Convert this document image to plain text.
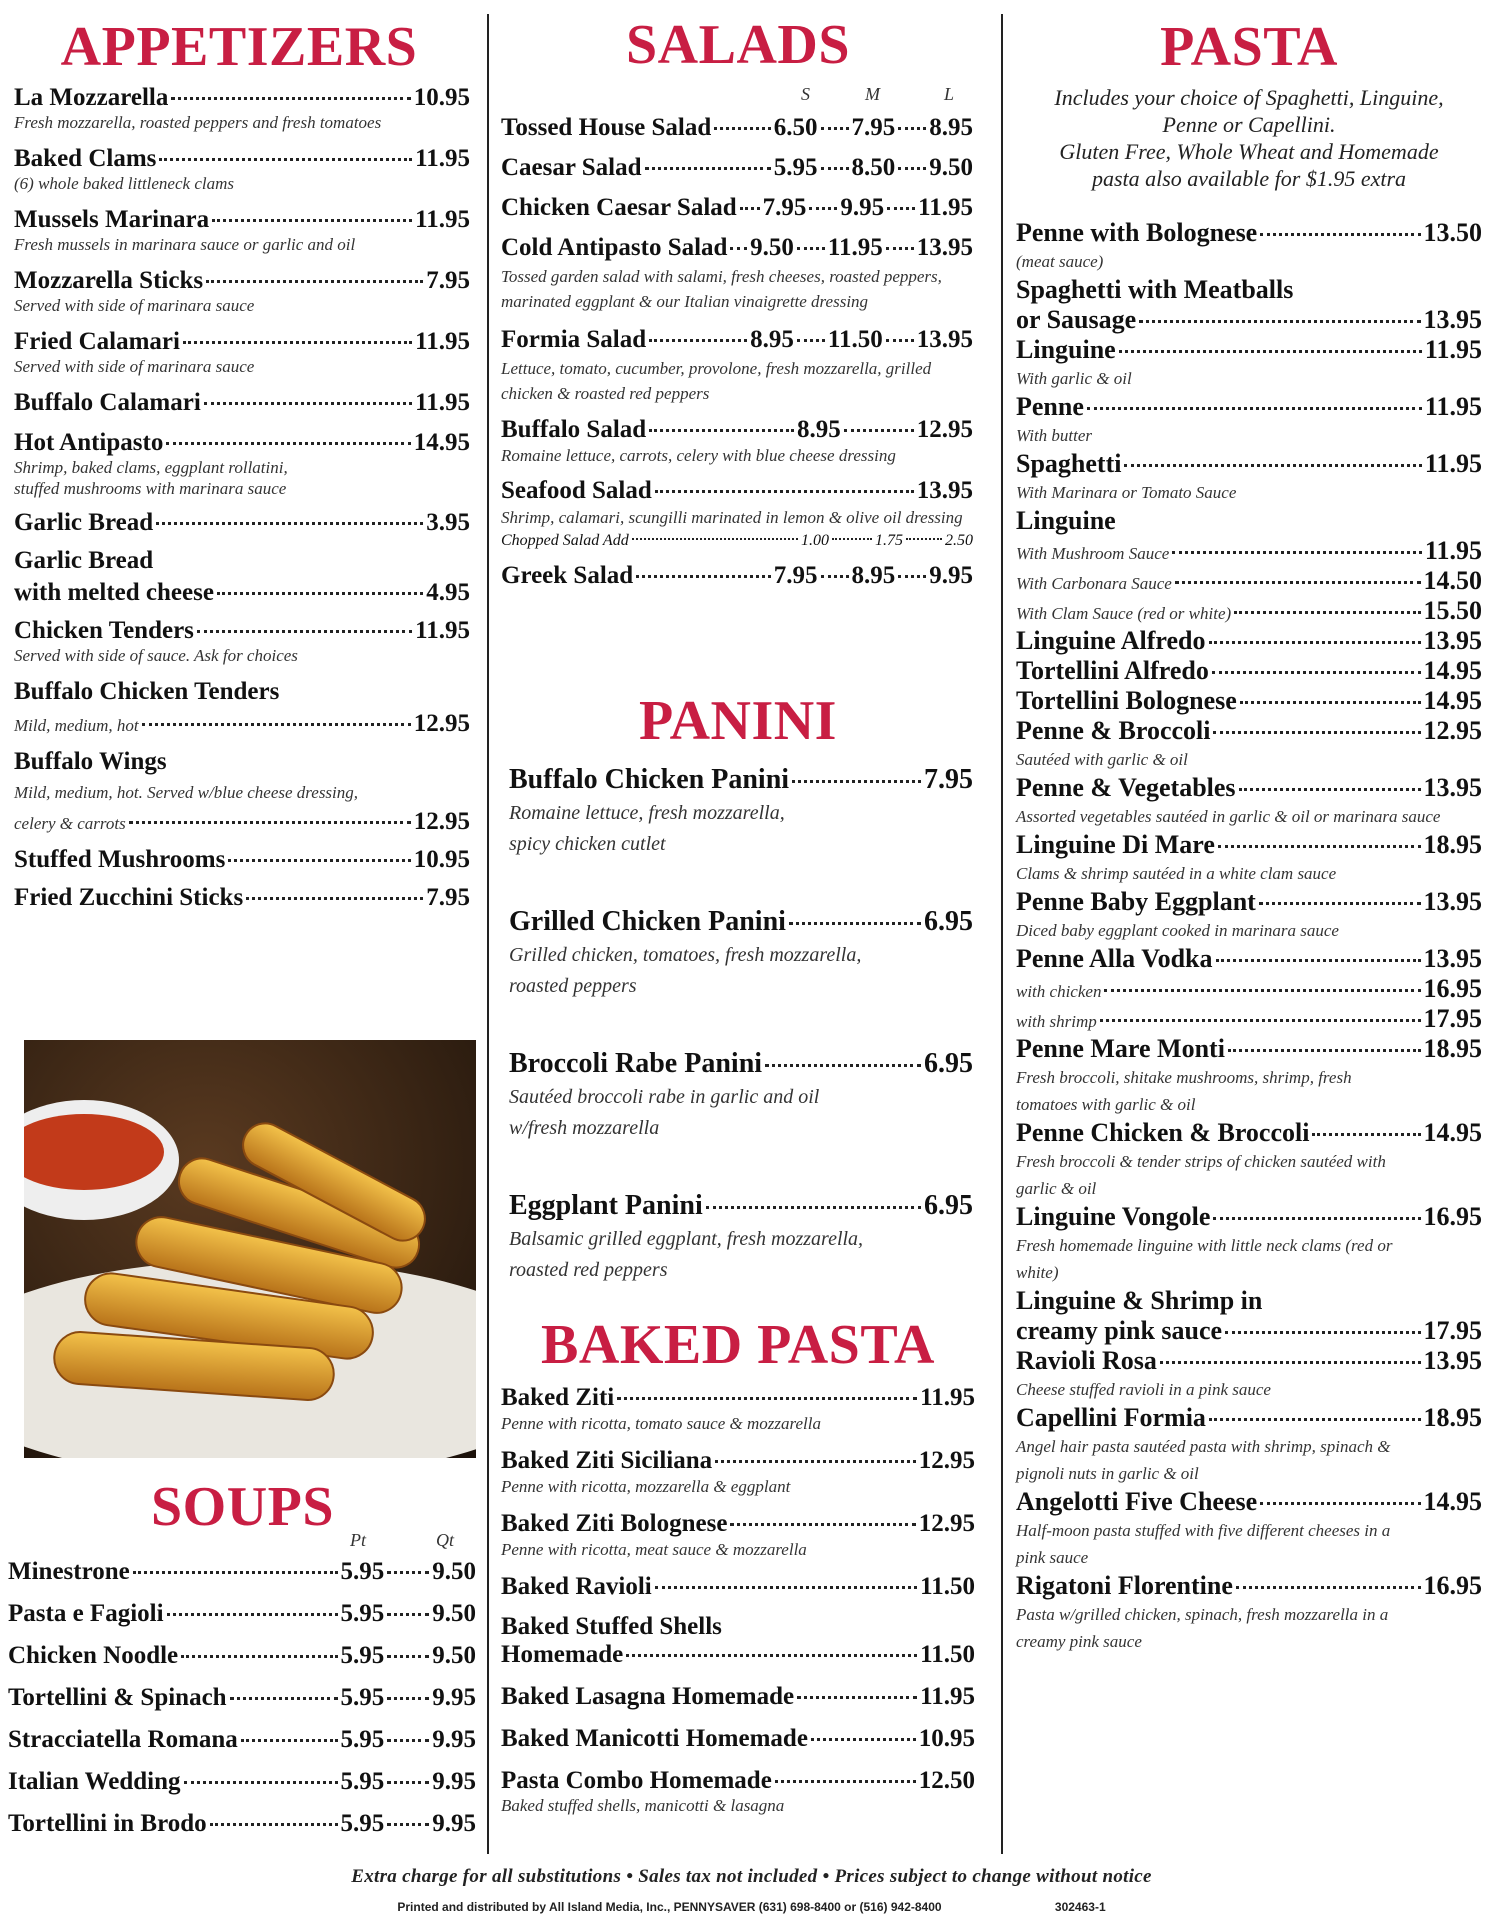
APPETIZERS
La Mozzarella	10.95
Fresh mozzarella, roasted peppers and fresh tomatoes
Baked Clams	11.95
(6) whole baked littleneck clams
Mussels Marinara	11.95
Fresh mussels in marinara sauce or garlic and oil
Mozzarella Sticks	7.95
Served with side of marinara sauce
Fried Calamari	11.95
Served with side of marinara sauce
Buffalo Calamari	11.95
Hot Antipasto	14.95
Shrimp, baked clams, eggplant rollatini,
stuffed mushrooms with marinara sauce
Garlic Bread	3.95
Garlic Bread
with melted cheese	4.95
Chicken Tenders	11.95
Served with side of sauce. Ask for choices
Buffalo Chicken Tenders
Mild, medium, hot	12.95
Buffalo Wings
Mild, medium, hot. Served w/blue cheese dressing,
celery & carrots	12.95
Stuffed Mushrooms	10.95
Fried Zucchini Sticks	7.95
SOUPS
Pt	Qt
Minestrone	5.95 9.50
Pasta e Fagioli	5.95 9.50
Chicken Noodle	5.95 9.50
Tortellini & Spinach	5.95 9.95
Stracciatella Romana	5.95 9.95
Italian Wedding	5.95 9.95
Tortellini in Brodo	5.95 9.95
SALADS
S	M	L
Tossed House Salad 6.50 7.95 8.95
Caesar Salad	5.95 8.50 9.50
Chicken Caesar Salad 7.95 9.95 11.95
Cold Antipasto Salad 9.50 11.95 13.95
Tossed garden salad with salami, fresh cheeses, roasted peppers, marinated eggplant & our Italian vinaigrette dressing
Formia Salad	8.95 11.50 13.95
Lettuce, tomato, cucumber, provolone, fresh mozzarella, grilled chicken & roasted red peppers
Buffalo Salad	8.95	12.95
Romaine lettuce, carrots, celery with blue cheese dressing
Seafood Salad	13.95
Shrimp, calamari, scungilli marinated in lemon & olive oil dressing
Chopped Salad Add	1.00	1.75	2.50
Greek Salad	7.95 8.95 9.95
PANINI
Buffalo Chicken Panini	7.95
Romaine lettuce, fresh mozzarella,
spicy chicken cutlet
Grilled Chicken Panini	6.95
Grilled chicken, tomatoes, fresh mozzarella,
roasted peppers
Broccoli Rabe Panini	6.95
Sautéed broccoli rabe in garlic and oil
w/fresh mozzarella
Eggplant Panini	6.95
Balsamic grilled eggplant, fresh mozzarella,
roasted red peppers
BAKED PASTA
Baked Ziti	11.95
Penne with ricotta, tomato sauce & mozzarella
Baked Ziti Siciliana	12.95
Penne with ricotta, mozzarella & eggplant
Baked Ziti Bolognese	12.95
Penne with ricotta, meat sauce & mozzarella
Baked Ravioli	11.50
Baked Stuffed Shells
Homemade	11.50
Baked Lasagna Homemade	11.95
Baked Manicotti Homemade	10.95
Pasta Combo Homemade	12.50
Baked stuffed shells, manicotti & lasagna
PASTA
Includes your choice of Spaghetti, Linguine,
Penne or Capellini.
Gluten Free, Whole Wheat and Homemade
pasta also available for $1.95 extra
Penne with Bolognese	13.50
(meat sauce)
Spaghetti with Meatballs
or Sausage	13.95
Linguine	11.95
With garlic & oil
Penne	11.95
With butter
Spaghetti	11.95
With Marinara or Tomato Sauce
Linguine
With Mushroom Sauce	11.95
With Carbonara Sauce	14.50
With Clam Sauce (red or white)	15.50
Linguine Alfredo	13.95
Tortellini Alfredo	14.95
Tortellini Bolognese	14.95
Penne & Broccoli	12.95
Sautéed with garlic & oil
Penne & Vegetables	13.95
Assorted vegetables sautéed in garlic & oil or marinara sauce
Linguine Di Mare	18.95
Clams & shrimp sautéed in a white clam sauce
Penne Baby Eggplant	13.95
Diced baby eggplant cooked in marinara sauce
Penne Alla Vodka	13.95
with chicken	16.95
with shrimp	17.95
Penne Mare Monti	18.95
Fresh broccoli, shitake mushrooms, shrimp, fresh
tomatoes with garlic & oil
Penne Chicken & Broccoli	14.95
Fresh broccoli & tender strips of chicken sautéed with
garlic & oil
Linguine Vongole	16.95
Fresh homemade linguine with little neck clams (red or
white)
Linguine & Shrimp in
creamy pink sauce	17.95
Ravioli Rosa	13.95
Cheese stuffed ravioli in a pink sauce
Capellini Formia	18.95
Angel hair pasta sautéed pasta with shrimp, spinach &
pignoli nuts in garlic & oil
Angelotti Five Cheese	14.95
Half-moon pasta stuffed with five different cheeses in a
pink sauce
Rigatoni Florentine	16.95
Pasta w/grilled chicken, spinach, fresh mozzarella in a
creamy pink sauce
Extra charge for all substitutions • Sales tax not included • Prices subject to change without notice
Printed and distributed by All Island Media, Inc., PENNYSAVER (631) 698-8400 or (516) 942-8400	302463-1
